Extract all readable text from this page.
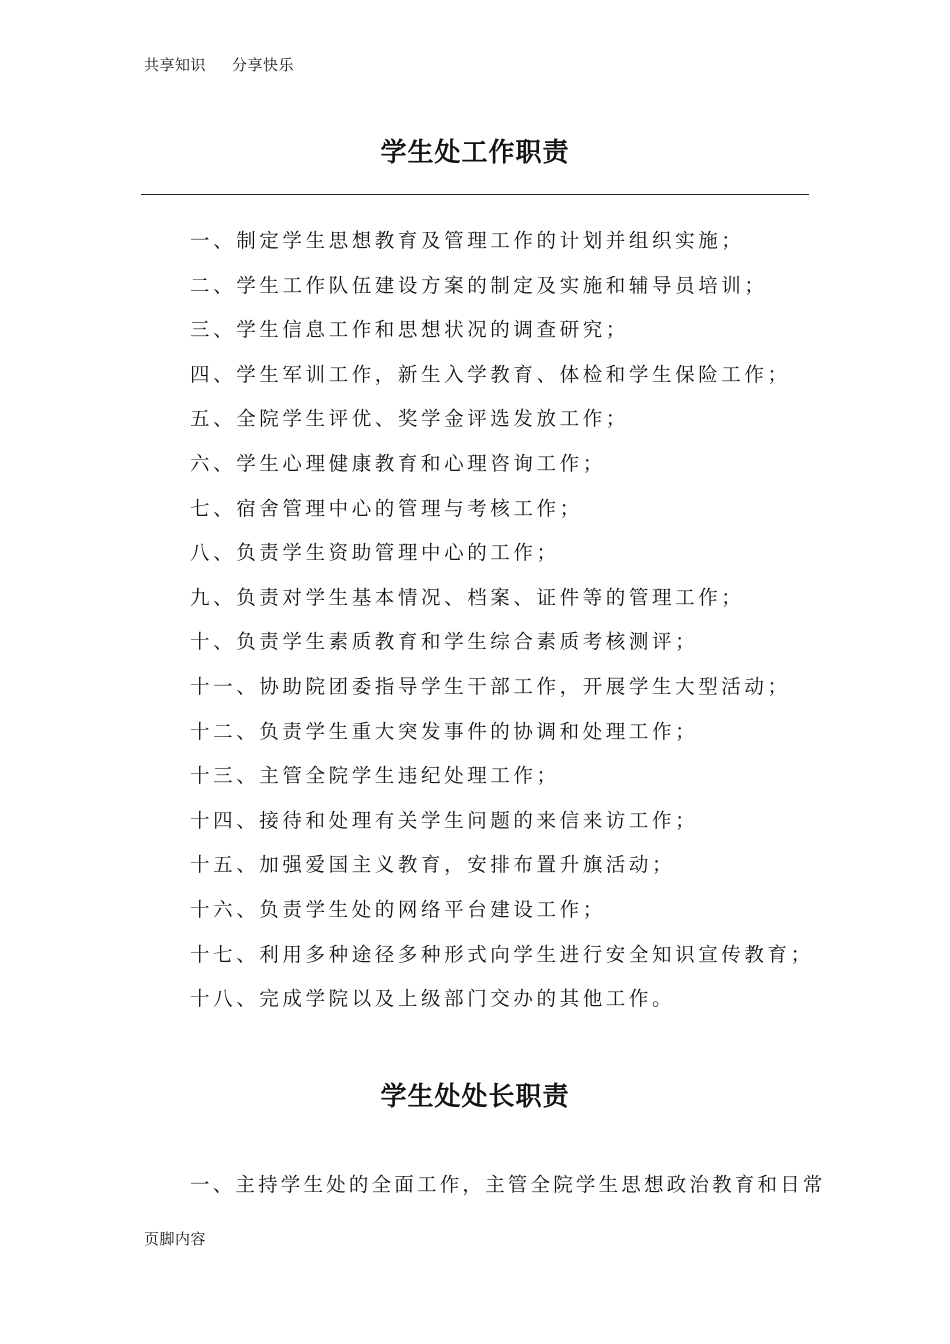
共享知识 分享快乐
学生处工作职责
一、制定学生思想教育及管理工作的计划并组织实施；
二、学生工作队伍建设方案的制定及实施和辅导员培训；
三、学生信息工作和思想状况的调查研究；
四、学生军训工作，新生入学教育、体检和学生保险工作；
五、全院学生评优、奖学金评选发放工作；
六、学生心理健康教育和心理咨询工作；
七、宿舍管理中心的管理与考核工作；
八、负责学生资助管理中心的工作；
九、负责对学生基本情况、档案、证件等的管理工作；
十、负责学生素质教育和学生综合素质考核测评；
十一、协助院团委指导学生干部工作，开展学生大型活动；
十二、负责学生重大突发事件的协调和处理工作；
十三、主管全院学生违纪处理工作；
十四、接待和处理有关学生问题的来信来访工作；
十五、加强爱国主义教育，安排布置升旗活动；
十六、负责学生处的网络平台建设工作；
十七、利用多种途径多种形式向学生进行安全知识宣传教育；
十八、完成学院以及上级部门交办的其他工作。
学生处处长职责
一、主持学生处的全面工作，主管全院学生思想政治教育和日常
页脚内容
